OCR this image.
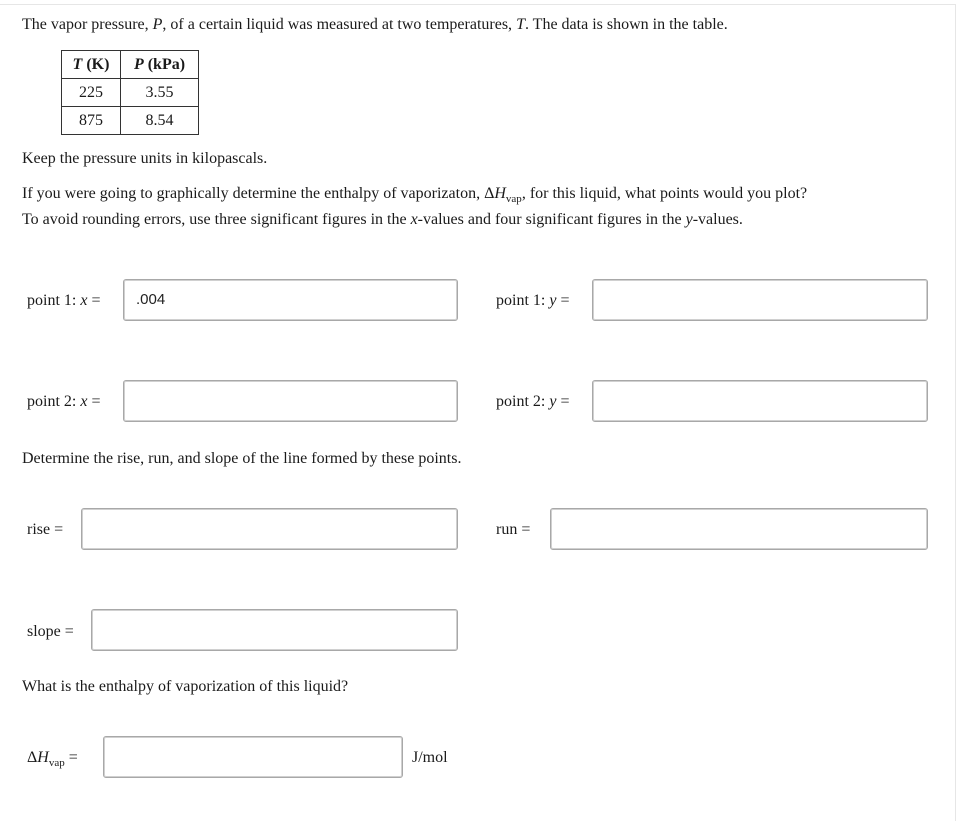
The vapor pressure, P, of a certain liquid was measured at two temperatures, T. The data is shown in the table.
T (K)	P (kPa)
225	3.55
875	8.54
Keep the pressure units in kilopascals.
If you were going to graphically determine the enthalpy of vaporizaton, $\Delta H_{vap}$, for this liquid, what points would you plot?
To avoid rounding errors, use three significant figures in the x-values and four significant figures in the y-values.
point 1: x =	.004	point 1: y =
point 2: x =	point 2: y =
Determine the rise, run, and slope of the line formed by these points.
rise =	run =
slope =
What is the enthalpy of vaporization of this liquid?
$\Delta H_{vap}$ =	J/mol
